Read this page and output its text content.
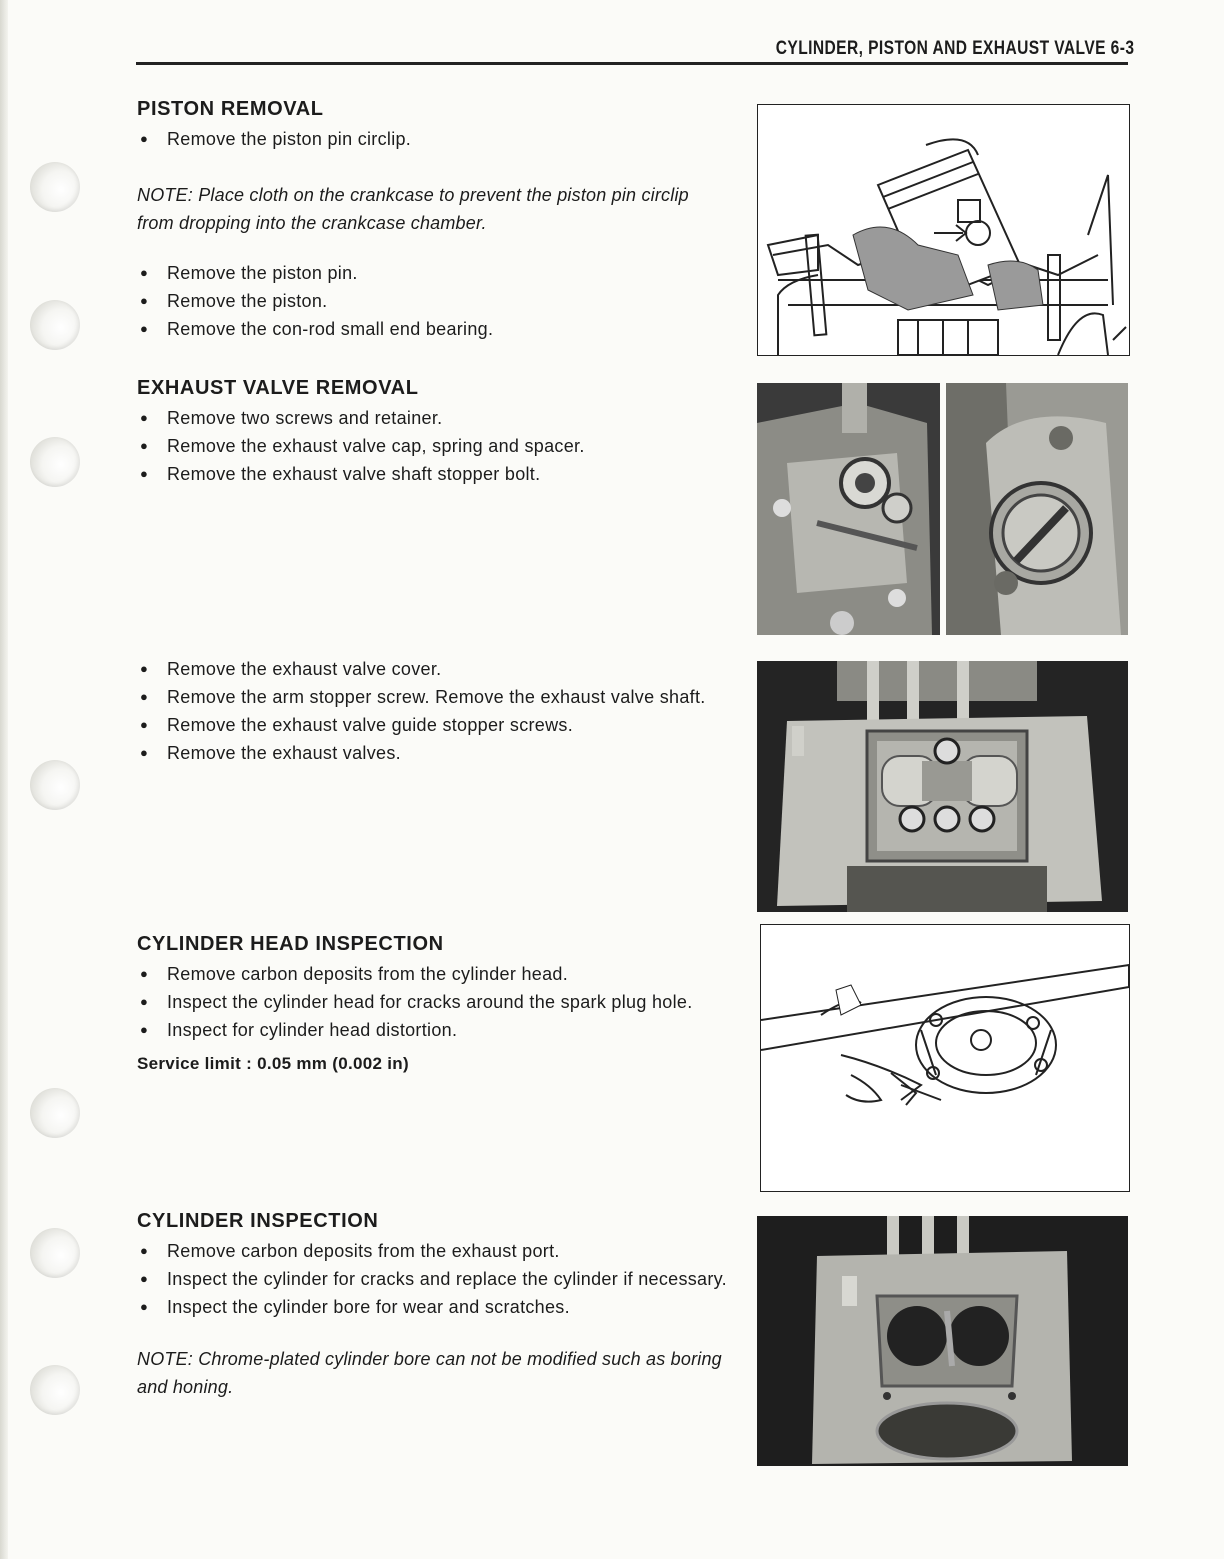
CYLINDER, PISTON AND EXHAUST VALVE 6-3
PISTON REMOVAL
● Remove the piston pin circlip.

NOTE: Place cloth on the crankcase to prevent the piston pin circlip from dropping into the crankcase chamber.

● Remove the piston pin.
● Remove the piston.
● Remove the con-rod small end bearing.
EXHAUST VALVE REMOVAL
● Remove two screws and retainer.
● Remove the exhaust valve cap, spring and spacer.
● Remove the exhaust valve shaft stopper bolt.
● Remove the exhaust valve cover.
● Remove the arm stopper screw. Remove the exhaust valve shaft.
● Remove the exhaust valve guide stopper screws.
● Remove the exhaust valves.
CYLINDER HEAD INSPECTION
● Remove carbon deposits from the cylinder head.
● Inspect the cylinder head for cracks around the spark plug hole.
● Inspect for cylinder head distortion.

Service limit : 0.05 mm (0.002 in)

CYLINDER INSPECTION
● Remove carbon deposits from the exhaust port.
● Inspect the cylinder for cracks and replace the cylinder if necessary.
● Inspect the cylinder bore for wear and scratches.

NOTE: Chrome-plated cylinder bore can not be modified such as boring and honing.
